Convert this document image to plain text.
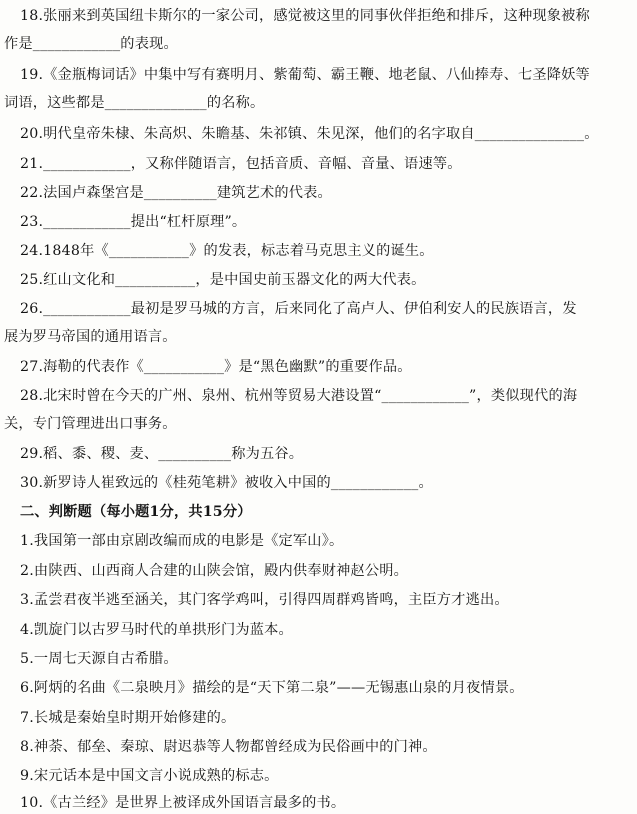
18.张丽来到英国纽卡斯尔的一家公司，感觉被这里的同事伙伴拒绝和排斥，这种现象被称
作是____________的表现。
19.《金瓶梅词话》中集中写有赛明月、紫葡萄、霸王鞭、地老鼠、八仙捧寿、七圣降妖等
词语，这些都是______________的名称。
20.明代皇帝朱棣、朱高炽、朱瞻基、朱祁镇、朱见深，他们的名字取自_______________。
21.____________，又称伴随语言，包括音质、音幅、音量、语速等。
22.法国卢森堡宫是__________建筑艺术的代表。
23.____________提出“杠杆原理”。
24.1848年《___________》的发表，标志着马克思主义的诞生。
25.红山文化和___________，是中国史前玉器文化的两大代表。
26.____________最初是罗马城的方言，后来同化了高卢人、伊伯利安人的民族语言，发
展为罗马帝国的通用语言。
27.海勒的代表作《___________》是“黑色幽默”的重要作品。
28.北宋时曾在今天的广州、泉州、杭州等贸易大港设置“____________”，类似现代的海
关，专门管理进出口事务。
29.稻、黍、稷、麦、__________称为五谷。
30.新罗诗人崔致远的《桂苑笔耕》被收入中国的____________。
二、判断题（每小题1分，共15分）
1.我国第一部由京剧改编而成的电影是《定军山》。
2.由陕西、山西商人合建的山陕会馆，殿内供奉财神赵公明。
3.孟尝君夜半逃至涵关，其门客学鸡叫，引得四周群鸡皆鸣，主臣方才逃出。
4.凯旋门以古罗马时代的单拱形门为蓝本。
5.一周七天源自古希腊。
6.阿炳的名曲《二泉映月》描绘的是“天下第二泉”——无锡惠山泉的月夜情景。
7.长城是秦始皇时期开始修建的。
8.神荼、郁垒、秦琼、尉迟恭等人物都曾经成为民俗画中的门神。
9.宋元话本是中国文言小说成熟的标志。
10.《古兰经》是世界上被译成外国语言最多的书。
